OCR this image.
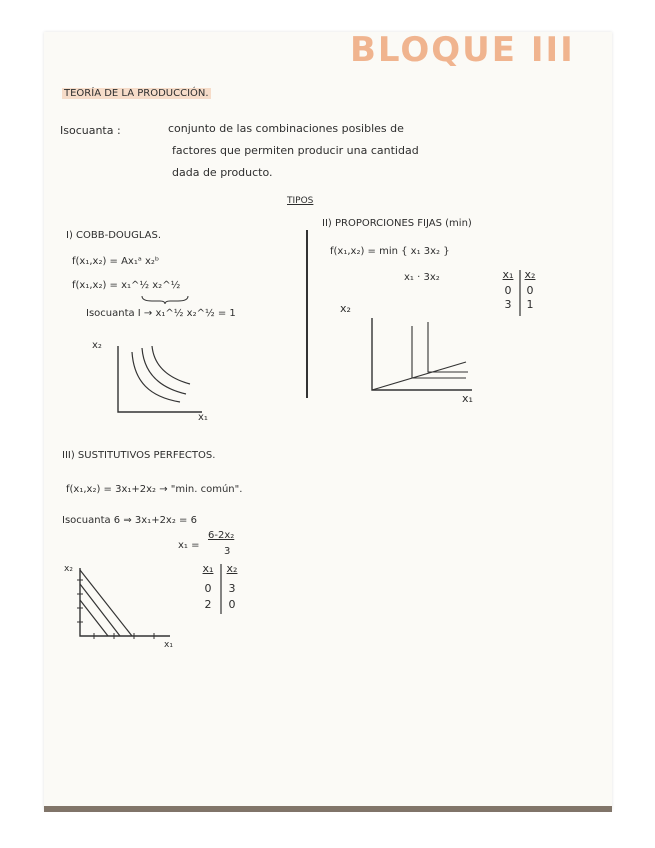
BLOQUE III
TEORÍA DE LA PRODUCCIÓN.
Isocuanta :	conjunto de las combinaciones posibles de
factores que permiten producir una cantidad
dada de producto.
TIPOS
I) COBB-DOUGLAS.
f(x₁,x₂) = Ax₁ᵃ x₂ᵇ
f(x₁,x₂) = x₁^½ x₂^½
Isocuanta I → x₁^½ x₂^½ = 1
x₂
x₁
II) PROPORCIONES FIJAS (min)
f(x₁,x₂) = min { x₁ 3x₂ }
x₁ · 3x₂	x₁ x₂
0	0
3	1
x₂
x₁
III) SUSTITUTIVOS PERFECTOS.
f(x₁,x₂) = 3x₁+2x₂ → "min. común".
Isocuanta 6 ⇒ 3x₁+2x₂ = 6
x₁ =
6-2x₂
3
x₁ x₂
0	3
2	0
x₂
x₁
